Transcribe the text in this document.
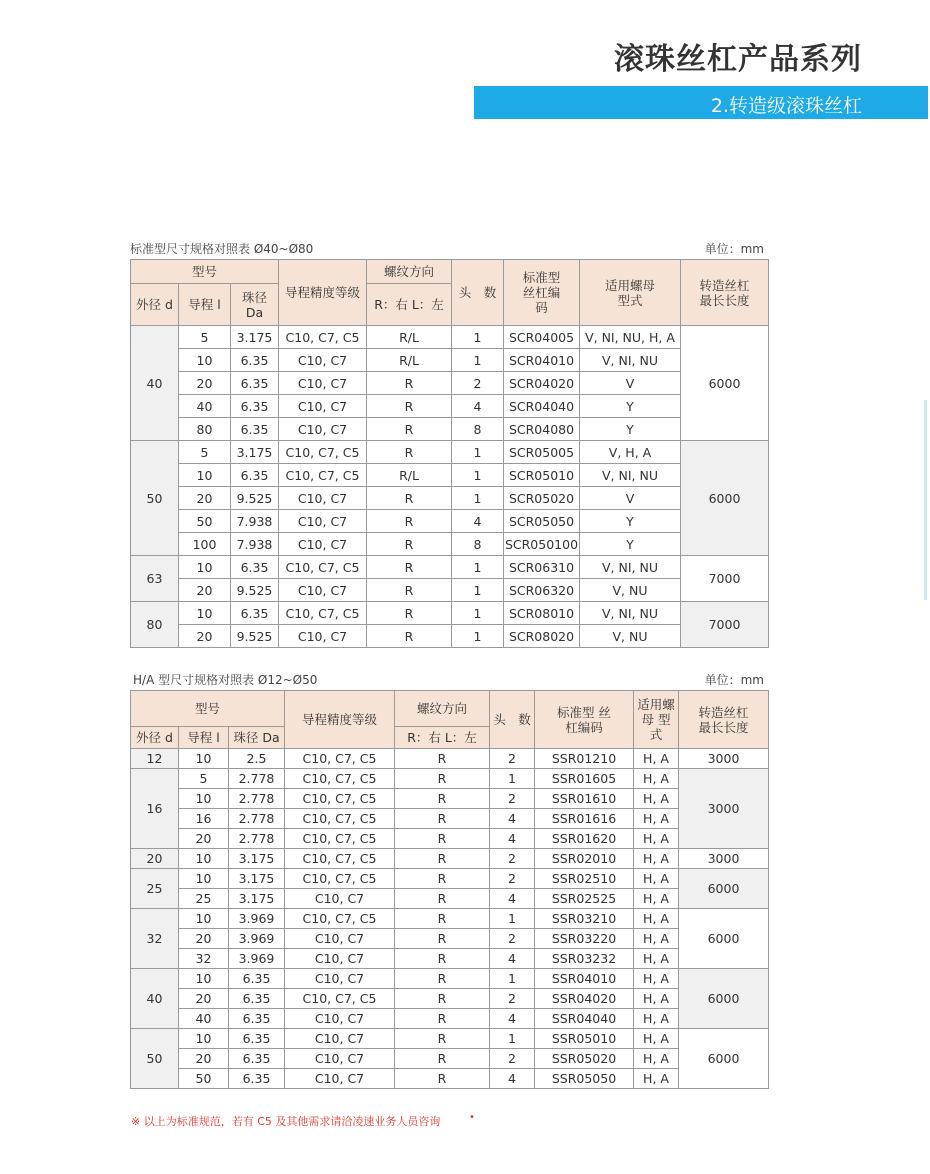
滚珠丝杠产品系列
2.转造级滚珠丝杠
标准型尺寸规格对照表 Ø40~Ø80	单位：mm
型号			导程精度等级	螺纹方向	头　数	标准型 丝杠编码	适用螺母 型式	转造丝杠 最长长度
外径 d	导程 l	珠径 Da		R：右 L：左				
40	5	3.175	C10, C7, C5	R/L	1	SCR04005	V, NI, NU, H, A	6000
	10	6.35	C10, C7	R/L	1	SCR04010	V, NI, NU	
	20	6.35	C10, C7	R	2	SCR04020	V	
	40	6.35	C10, C7	R	4	SCR04040	Y	
	80	6.35	C10, C7	R	8	SCR04080	Y	
50	5	3.175	C10, C7, C5	R	1	SCR05005	V, H, A	6000
	10	6.35	C10, C7, C5	R/L	1	SCR05010	V, NI, NU	
	20	9.525	C10, C7	R	1	SCR05020	V	
	50	7.938	C10, C7	R	4	SCR05050	Y	
	100	7.938	C10, C7	R	8	SCR050100	Y	
63	10	6.35	C10, C7, C5	R	1	SCR06310	V, NI, NU	7000
	20	9.525	C10, C7	R	1	SCR06320	V, NU	
80	10	6.35	C10, C7, C5	R	1	SCR08010	V, NI, NU	7000
	20	9.525	C10, C7	R	1	SCR08020	V, NU	
H/A 型尺寸规格对照表 Ø12~Ø50	单位：mm
型号			导程精度等级	螺纹方向	头　数	标准型 丝杠编码	适用螺母 型式	转造丝杠 最长长度
外径 d	导程 l	珠径 Da		R：右 L：左				
12	10	2.5	C10, C7, C5	R	2	SSR01210	H, A	3000
16	5	2.778	C10, C7, C5	R	1	SSR01605	H, A	3000
	10	2.778	C10, C7, C5	R	2	SSR01610	H, A	
	16	2.778	C10, C7, C5	R	4	SSR01616	H, A	
	20	2.778	C10, C7, C5	R	4	SSR01620	H, A	
20	10	3.175	C10, C7, C5	R	2	SSR02010	H, A	3000
25	10	3.175	C10, C7, C5	R	2	SSR02510	H, A	6000
	25	3.175	C10, C7	R	4	SSR02525	H, A	
32	10	3.969	C10, C7, C5	R	1	SSR03210	H, A	6000
	20	3.969	C10, C7	R	2	SSR03220	H, A	
	32	3.969	C10, C7	R	4	SSR03232	H, A	
40	10	6.35	C10, C7	R	1	SSR04010	H, A	6000
	20	6.35	C10, C7, C5	R	2	SSR04020	H, A	
	40	6.35	C10, C7	R	4	SSR04040	H, A	
50	10	6.35	C10, C7	R	1	SSR05010	H, A	6000
	20	6.35	C10, C7	R	2	SSR05020	H, A	
	50	6.35	C10, C7	R	4	SSR05050	H, A	
※ 以上为标准规范，若有 C5 及其他需求请洽凌速业务人员咨询	•
